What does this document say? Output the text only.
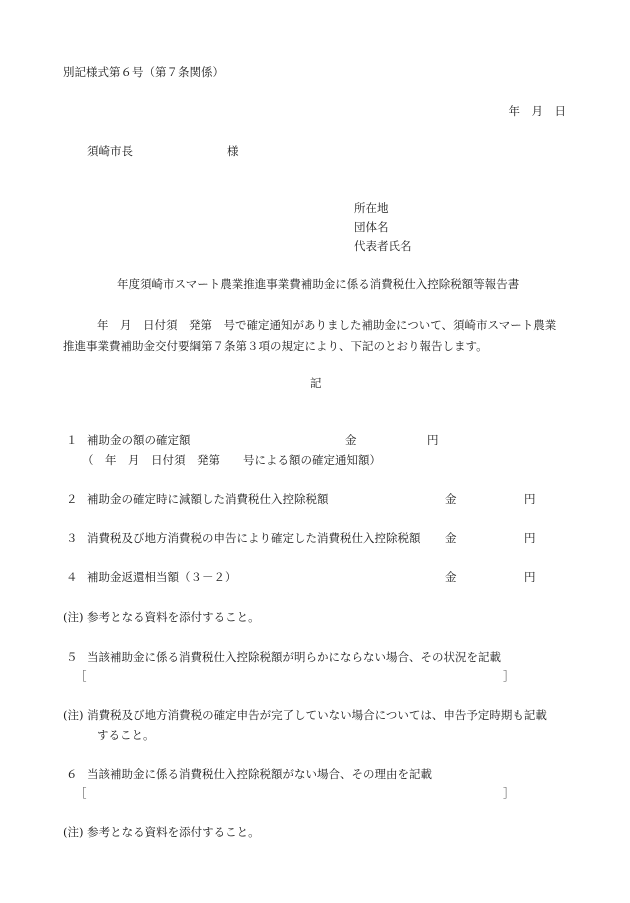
別記様式第６号（第７条関係）
年　月　日
須崎市長	様
所在地
団体名
代表者氏名
年度須崎市スマート農業推進事業費補助金に係る消費税仕入控除税額等報告書
年　月　日付須　発第　号で確定通知がありました補助金について、須崎市スマート農業
推進事業費補助金交付要綱第７条第３項の規定により、下記のとおり報告します。
記
１ 補助金の額の確定額	金	円
（　年　月　日付須　発第　　号による額の確定通知額）
２ 補助金の確定時に減額した消費税仕入控除税額	金	円
３ 消費税及び地方消費税の申告により確定した消費税仕入控除税額 金	円
４ 補助金返還相当額（３－２）	金	円
(注) 参考となる資料を添付すること。
５ 当該補助金に係る消費税仕入控除税額が明らかにならない場合、その状況を記載
［	］
(注) 消費税及び地方消費税の確定申告が完了していない場合については、申告予定時期も記載
すること。
６ 当該補助金に係る消費税仕入控除税額がない場合、その理由を記載
［	］
(注) 参考となる資料を添付すること。
